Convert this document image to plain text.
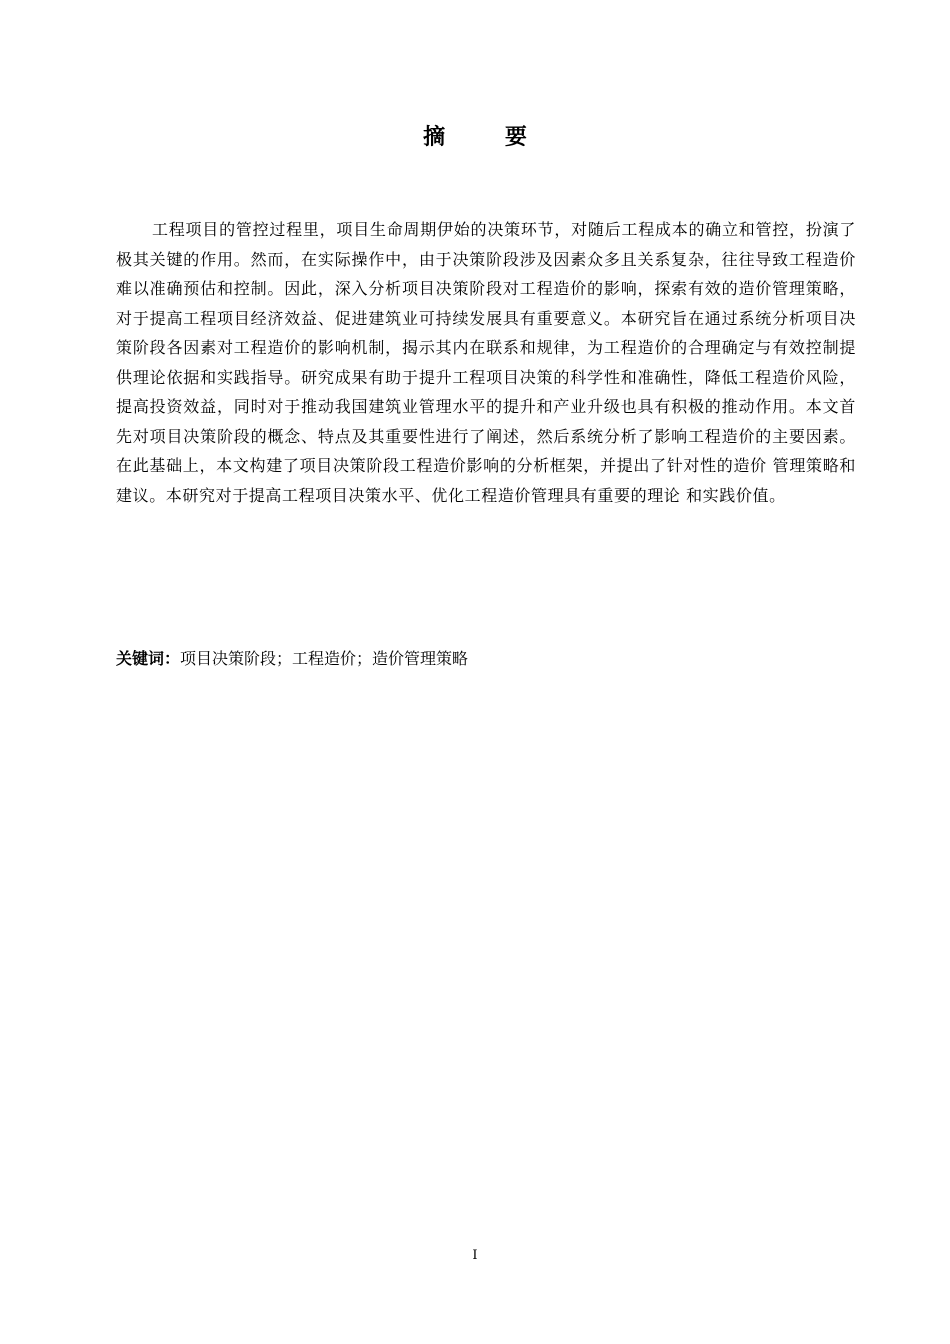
摘 要

工程项目的管控过程里，项目生命周期伊始的决策环节，对随后工程成本的确立和管控，扮演了极其关键的作用。然而，在实际操作中，由于决策阶段涉及因素众多且关系复杂，往往导致工程造价难以准确预估和控制。因此，深入分析项目决策阶段对工程造价的影响，探索有效的造价管理策略，对于提高工程项目经济效益、促进建筑业可持续发展具有重要意义。本研究旨在通过系统分析项目决策阶段各因素对工程造价的影响机制，揭示其内在联系和规律，为工程造价的合理确定与有效控制提供理论依据和实践指导。研究成果有助于提升工程项目决策的科学性和准确性，降低工程造价风险，提高投资效益，同时对于推动我国建筑业管理水平的提升和产业升级也具有积极的推动作用。本文首先对项目决策阶段的概念、特点及其重要性进行了阐述，然后系统分析了影响工程造价的主要因素。 在此基础上，本文构建了项目决策阶段工程造价影响的分析框架，并提出了针对性的造价 管理策略和建议。本研究对于提高工程项目决策水平、优化工程造价管理具有重要的理论 和实践价值。

关键词：项目决策阶段；工程造价；造价管理策略

I
